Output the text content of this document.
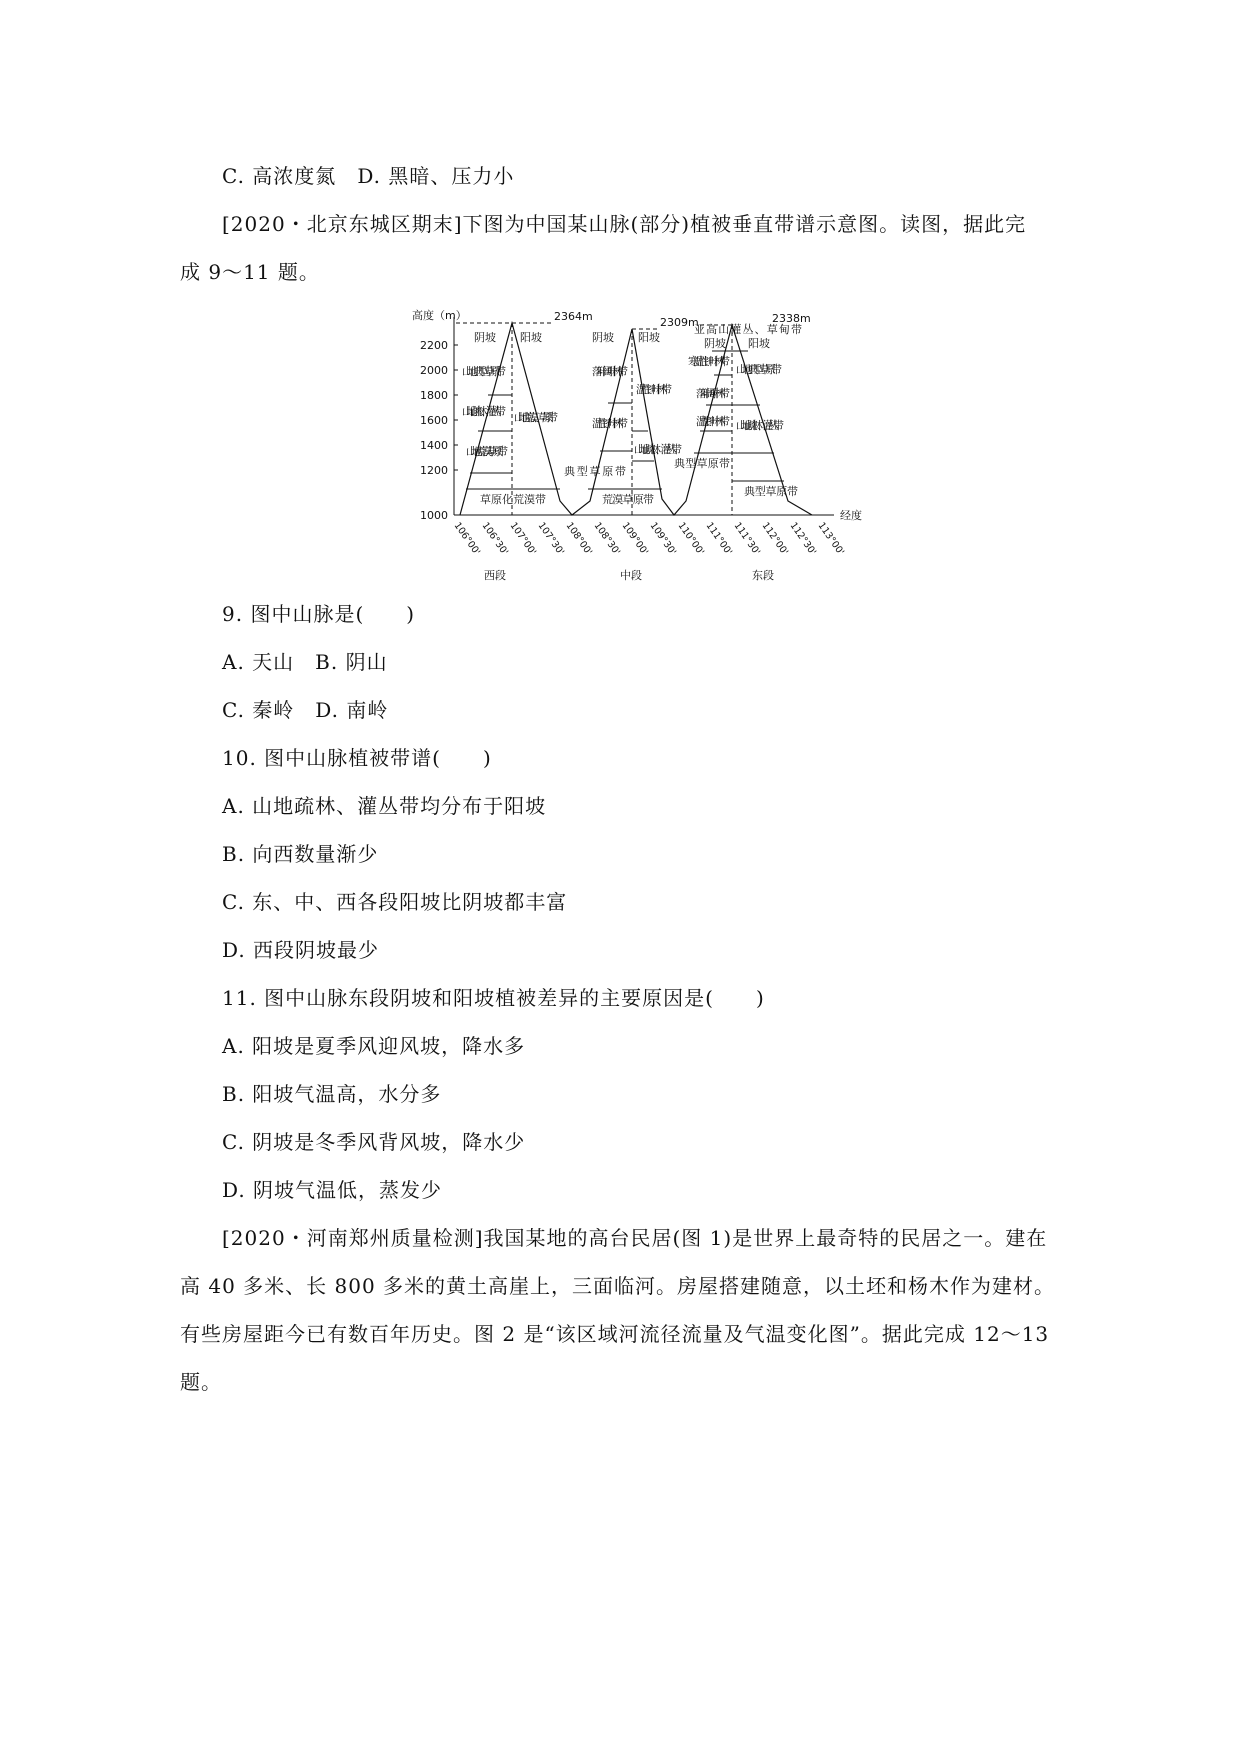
C. 高浓度氮　 D. 黑暗、压力小
[2020・北京东城区期末]下图为中国某山脉(部分)植被垂直带谱示意图。读图，据此完
成 9～11 题。
高度（m）
2200
2000
1800
1600
1400
1200
1000
2364m	2309m	2338m
阴坡 阳坡
山地典型草原带
山地疏林、灌丛带
山地荒漠草原带
山地荒漠、草原带
草原化荒漠带
阴坡 阳坡
落叶阔叶林带
温性针叶林带
典型草原带
温性针叶林带
山地疏林、灌丛带
荒漠草原带
亚高山灌丛、草甸带
阴坡 阳坡
寒温性针叶林带
落叶阔叶林带
温性针叶林带
典型草原带
山地典型草原带
山地疏林、灌丛带
典型草原带
106°00'
106°30'
107°00'
107°30'
108°00'
108°30'
109°00'
109°30'
110°00'
111°00'
111°30'
112°00'
112°30'
113°00'
经度
西段	中段	东段
9. 图中山脉是(　　)
A. 天山　B. 阴山
C. 秦岭　D. 南岭
10. 图中山脉植被带谱(　　)
A. 山地疏林、灌丛带均分布于阳坡
B. 向西数量渐少
C. 东、中、西各段阳坡比阴坡都丰富
D. 西段阴坡最少
11. 图中山脉东段阴坡和阳坡植被差异的主要原因是(　　)
A. 阳坡是夏季风迎风坡，降水多
B. 阳坡气温高，水分多
C. 阴坡是冬季风背风坡，降水少
D. 阴坡气温低，蒸发少
[2020・河南郑州质量检测]我国某地的高台民居(图 1)是世界上最奇特的民居之一。建在
高 40 多米、长 800 多米的黄土高崖上，三面临河。房屋搭建随意，以土坯和杨木作为建材。
有些房屋距今已有数百年历史。图 2 是“该区域河流径流量及气温变化图”。据此完成 12～13
题。
